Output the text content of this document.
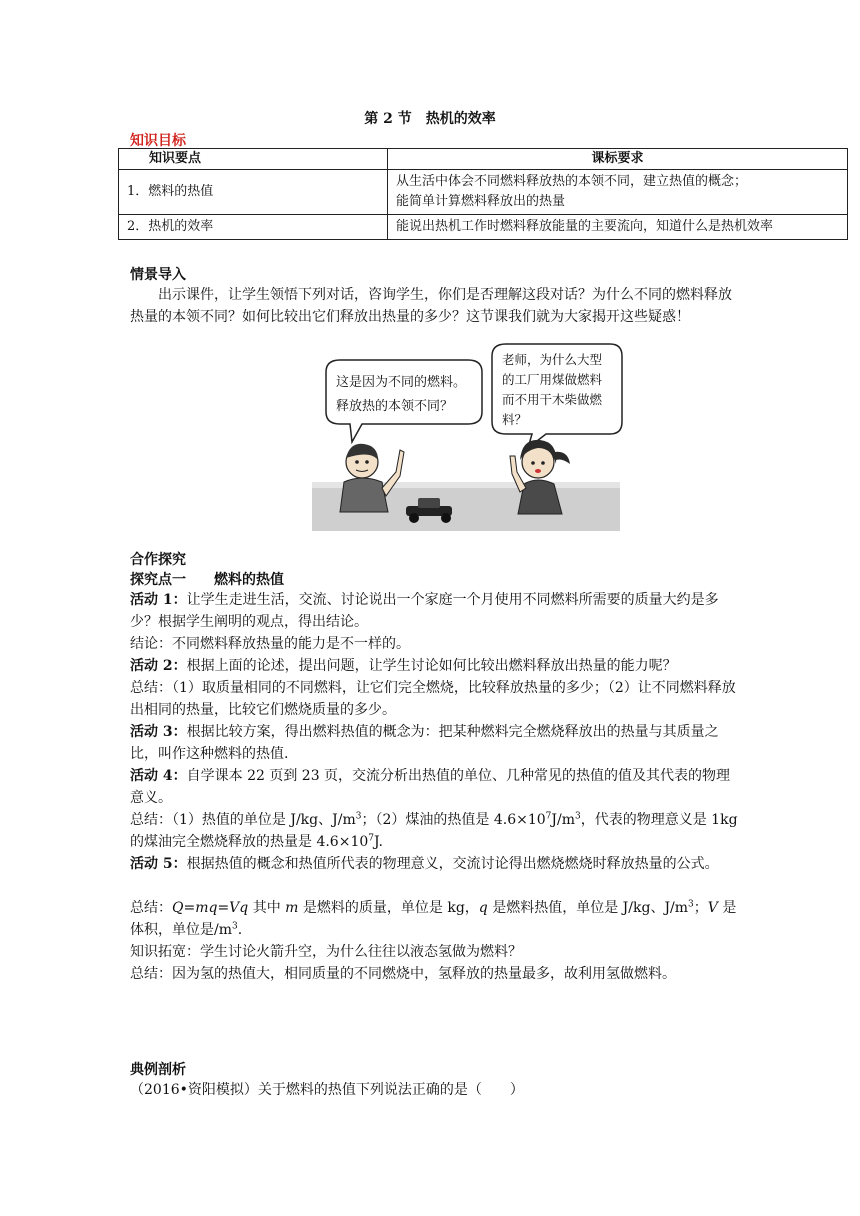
第 2 节　热机的效率
知识目标
知识要点	课标要求
1．燃料的热值	从生活中体会不同燃料释放热的本领不同，建立热值的概念；
能简单计算燃料释放出的热量

2．热机的效率	能说出热机工作时燃料释放能量的主要流向，知道什么是热机效率
情景导入
出示课件，让学生领悟下列对话，咨询学生，你们是否理解这段对话？为什么不同的燃料释放热量的本领不同？如何比较出它们释放出热量的多少？这节课我们就为大家揭开这些疑惑！
这是因为不同的燃料。
释放热的本领不同？
老师，为什么大型
的工厂用煤做燃料
而不用干木柴做燃
料？
合作探究
探究点一　　燃料的热值
活动 1：让学生走进生活，交流、讨论说出一个家庭一个月使用不同燃料所需要的质量大约是多少？根据学生阐明的观点，得出结论。
结论：不同燃料释放热量的能力是不一样的。
活动 2：根据上面的论述，提出问题，让学生讨论如何比较出燃料释放出热量的能力呢？
总结：（1）取质量相同的不同燃料，让它们完全燃烧，比较释放热量的多少；（2）让不同燃料释放出相同的热量，比较它们燃烧质量的多少。
活动 3：根据比较方案，得出燃料热值的概念为：把某种燃料完全燃烧释放出的热量与其质量之比，叫作这种燃料的热值.
活动 4：自学课本 22 页到 23 页，交流分析出热值的单位、几种常见的热值的值及其代表的物理意义。
总结：（1）热值的单位是 J/kg、$J/m^3$；（2）煤油的热值是 $4.6\times 10^7J/m^3$，代表的物理意义是 1kg 的煤油完全燃烧释放的热量是 $4.6\times 10^7J$.
活动 5：根据热值的概念和热值所代表的物理意义，交流讨论得出燃烧燃烧时释放热量的公式。
总结：Q=mq=Vq 其中 m 是燃料的质量，单位是 kg，q 是燃料热值，单位是 J/kg、$J/m^3$；V 是体积，单位是$/m^3$.
知识拓宽：学生讨论火箭升空，为什么往往以液态氢做为燃料？
总结：因为氢的热值大，相同质量的不同燃烧中，氢释放的热量最多，故利用氢做燃料。
典例剖析
（2016•资阳模拟）关于燃料的热值下列说法正确的是（　　）
